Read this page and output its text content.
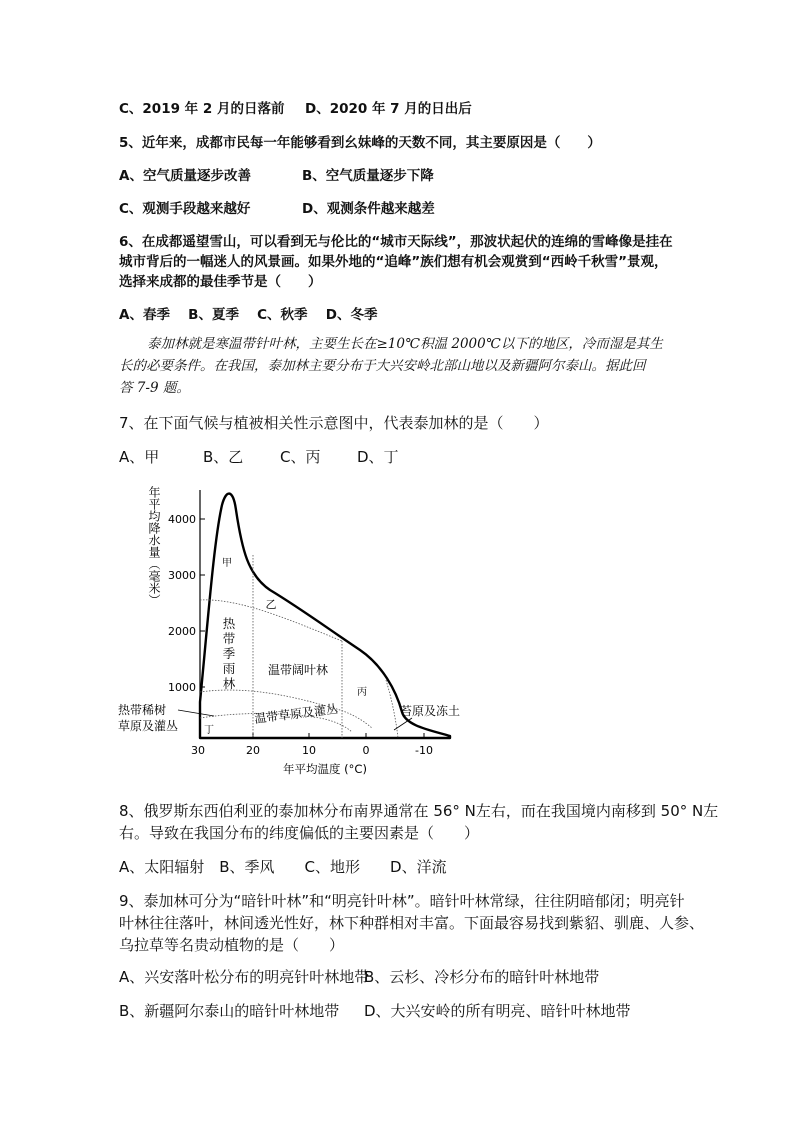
C、2019 年 2 月的日落前 D、2020 年 7 月的日出后
5、近年来，成都市民每一年能够看到幺妹峰的天数不同，其主要原因是（　　）
A、空气质量逐步改善	B、空气质量逐步下降
C、观测手段越来越好	D、观测条件越来越差
6、在成都遥望雪山，可以看到无与伦比的“城市天际线”，那波状起伏的连绵的雪峰像是挂在
城市背后的一幅迷人的风景画。如果外地的“追峰”族们想有机会观赏到“西岭千秋雪”景观，
选择来成都的最佳季节是（　　）
A、春季　 B、夏季　 C、秋季　 D、冬季
泰加林就是寒温带针叶林，主要生长在≥10℃积温 2000℃以下的地区，冷而湿是其生
长的必要条件。在我国，泰加林主要分布于大兴安岭北部山地以及新疆阿尔泰山。据此回
答 7-9 题。
7、在下面气候与植被相关性示意图中，代表泰加林的是（　　）
A、甲	B、乙 C、丙 D、丁
4000
3000
2000
1000
30	20	10	0	-10
年平均温度 (°C)
年平均降水量（毫米）	甲
乙
丙
丁
热
带
季
雨
林
温带阔叶林
温带草原及灌丛
热带稀树
草原及灌丛
苔原及冻土
8、俄罗斯东西伯利亚的泰加林分布南界通常在 56° N左右，而在我国境内南移到 50° N左
右。导致在我国分布的纬度偏低的主要因素是（　　）
A、太阳辐射　B、季风　　C、地形　　D、洋流
9、泰加林可分为“暗针叶林”和“明亮针叶林”。暗针叶林常绿，往往阴暗郁闭；明亮针
叶林往往落叶，林间透光性好，林下种群相对丰富。下面最容易找到紫貂、驯鹿、人参、
乌拉草等名贵动植物的是（　　）
A、兴安落叶松分布的明亮针叶林地带
B、云杉、冷杉分布的暗针叶林地带
B、新疆阿尔泰山的暗针叶林地带 D、大兴安岭的所有明亮、暗针叶林地带
